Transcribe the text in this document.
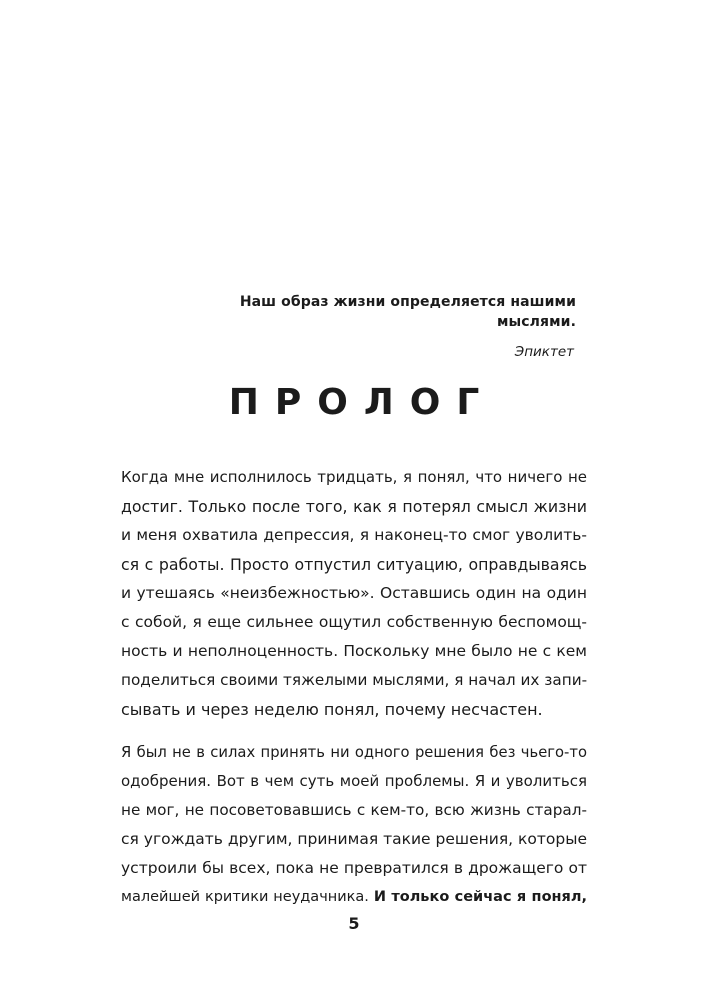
Наш образ жизни определяется нашими мыслями.
Эпиктет
ПРОЛОГ
Когда мне исполнилось тридцать, я понял, что ничего не
достиг. Только после того, как я потерял смысл жизни
и меня охватила депрессия, я наконец-то смог уволить-
ся с работы. Просто отпустил ситуацию, оправдываясь
и утешаясь «неизбежностью». Оставшись один на один
с собой, я еще сильнее ощутил собственную беспомощ-
ность и неполноценность. Поскольку мне было не с кем
поделиться своими тяжелыми мыслями, я начал их запи-
сывать и через неделю понял, почему несчастен.
Я был не в силах принять ни одного решения без чьего-то
одобрения. Вот в чем суть моей проблемы. Я и уволиться
не мог, не посоветовавшись с кем-то, всю жизнь старал-
ся угождать другим, принимая такие решения, которые
устроили бы всех, пока не превратился в дрожащего от
малейшей критики неудачника. И только сейчас я понял,
5
